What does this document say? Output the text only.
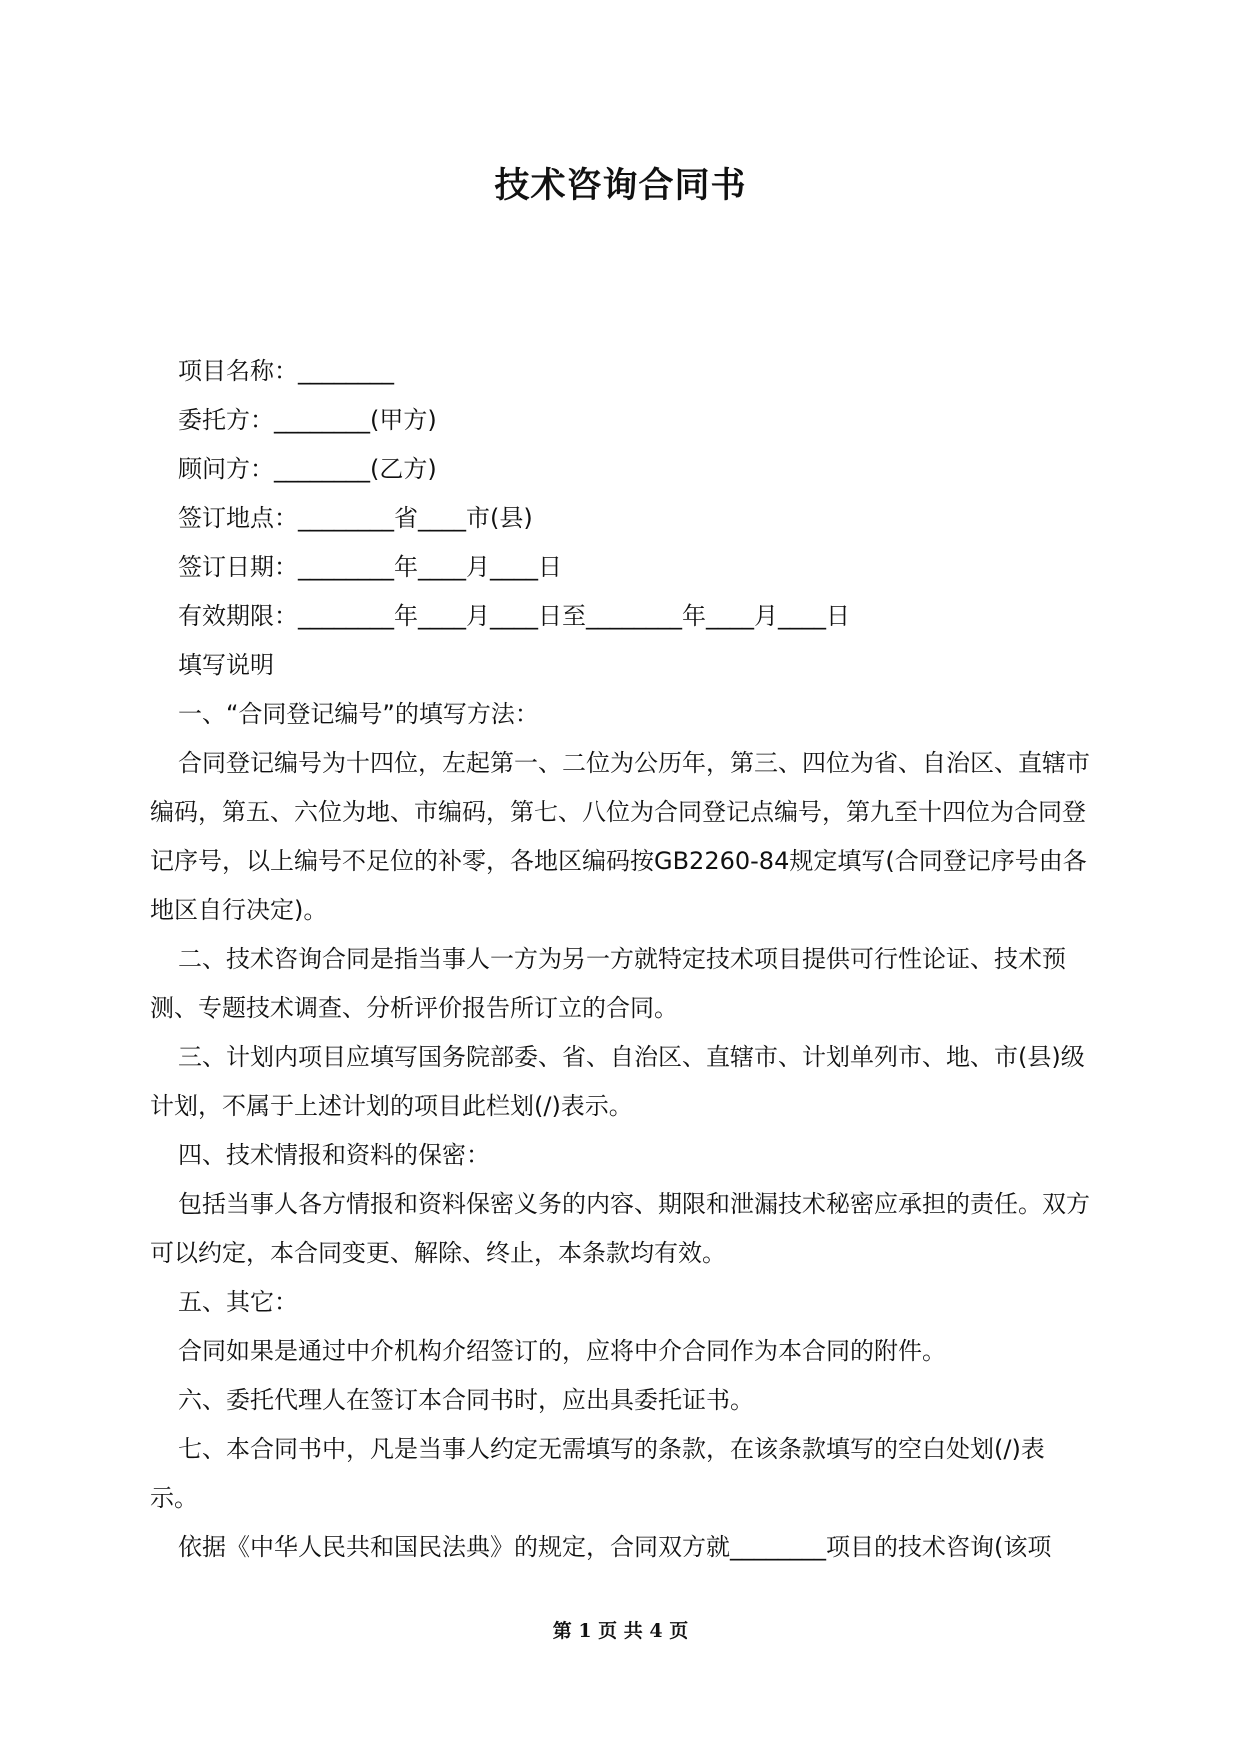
技术咨询合同书
项目名称：________
委托方：________(甲方)
顾问方：________(乙方)
签订地点：________省____市(县)
签订日期：________年____月____日
有效期限：________年____月____日至________年____月____日
填写说明
一、“合同登记编号”的填写方法：
合同登记编号为十四位，左起第一、二位为公历年，第三、四位为省、自治区、直辖市编码，第五、六位为地、市编码，第七、八位为合同登记点编号，第九至十四位为合同登记序号，以上编号不足位的补零，各地区编码按GB2260-84规定填写(合同登记序号由各地区自行决定)。
二、技术咨询合同是指当事人一方为另一方就特定技术项目提供可行性论证、技术预测、专题技术调查、分析评价报告所订立的合同。
三、计划内项目应填写国务院部委、省、自治区、直辖市、计划单列市、地、市(县)级计划，不属于上述计划的项目此栏划(/)表示。
四、技术情报和资料的保密：
包括当事人各方情报和资料保密义务的内容、期限和泄漏技术秘密应承担的责任。双方可以约定，本合同变更、解除、终止，本条款均有效。
五、其它：
合同如果是通过中介机构介绍签订的，应将中介合同作为本合同的附件。
六、委托代理人在签订本合同书时，应出具委托证书。
七、本合同书中，凡是当事人约定无需填写的条款，在该条款填写的空白处划(/)表示。
依据《中华人民共和国民法典》的规定，合同双方就________项目的技术咨询(该项
第 1 页 共 4 页
